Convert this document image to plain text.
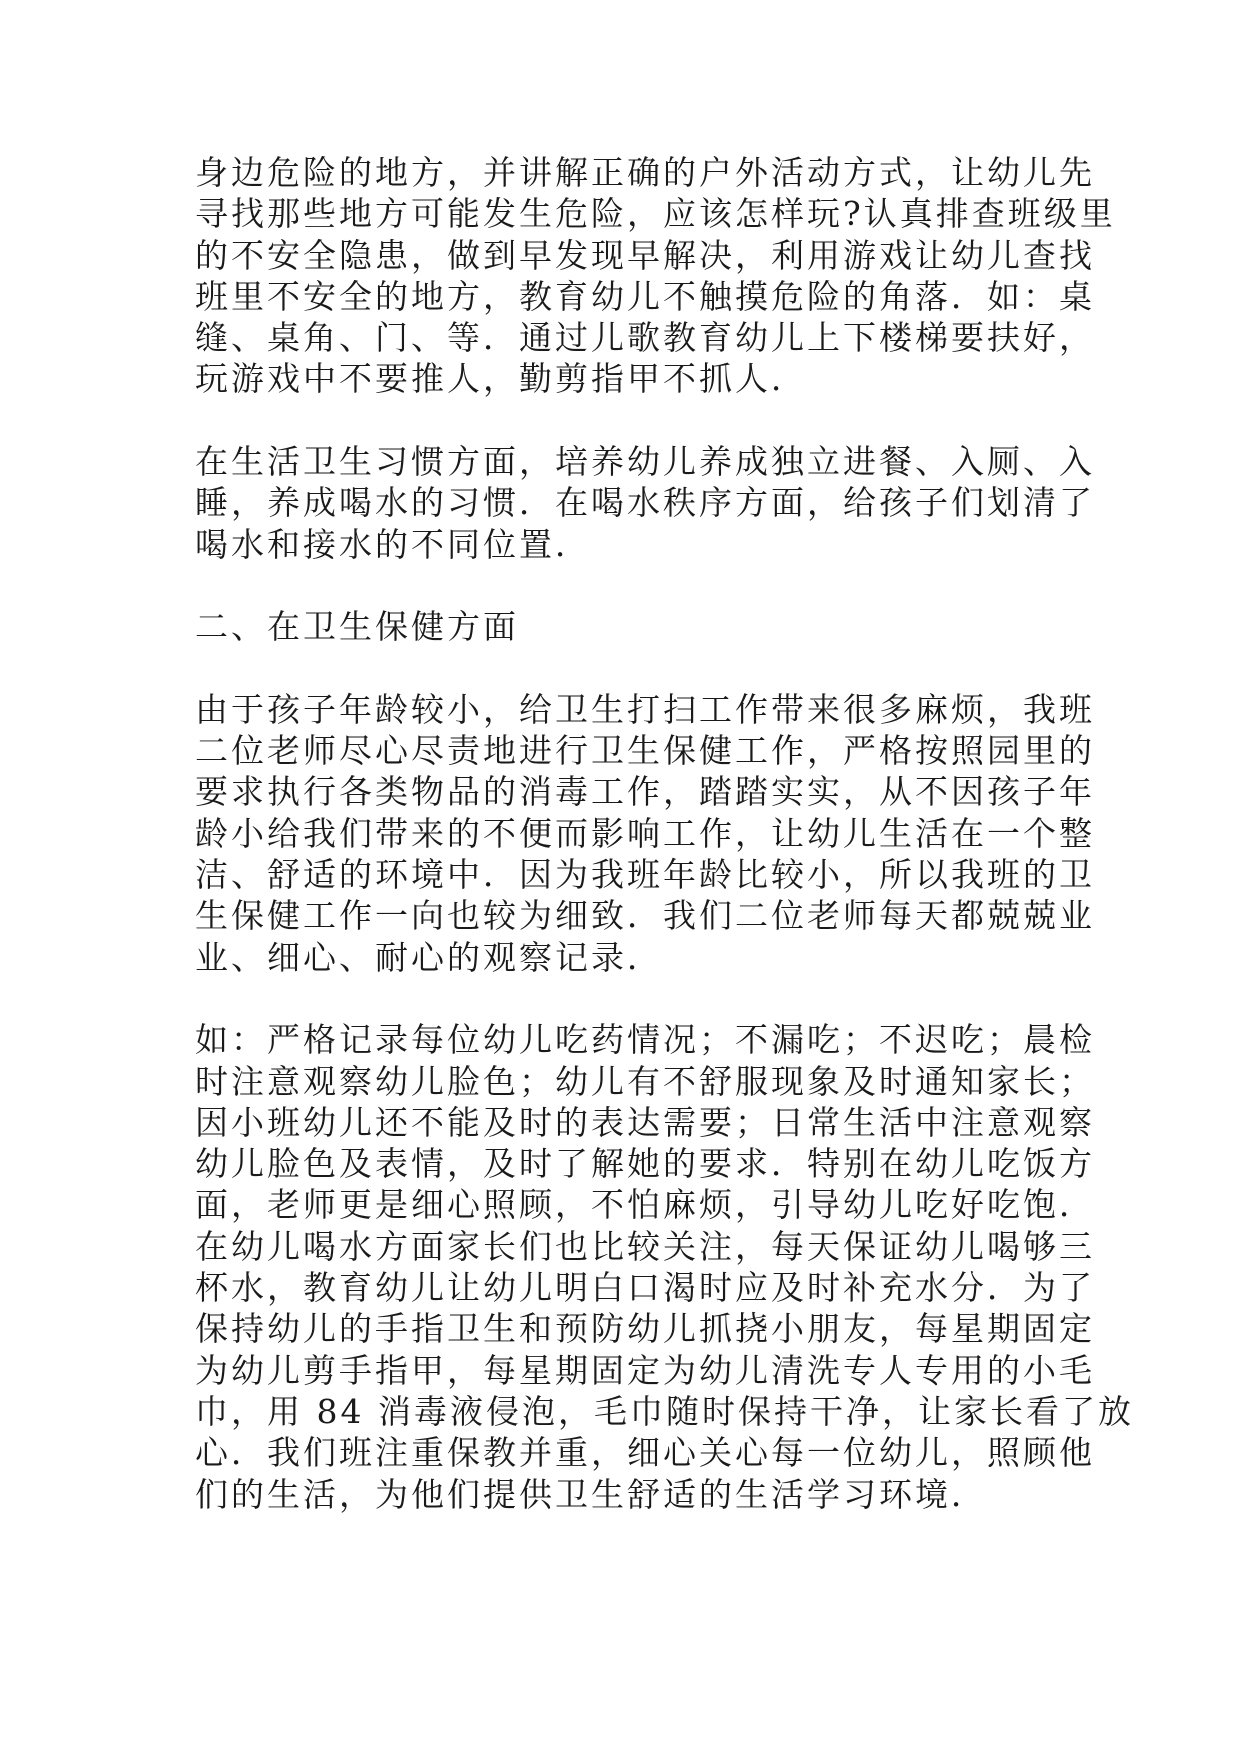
身边危险的地方，并讲解正确的户外活动方式，让幼儿先

寻找那些地方可能发生危险，应该怎样玩?认真排查班级里

的不安全隐患，做到早发现早解决，利用游戏让幼儿查找

班里不安全的地方，教育幼儿不触摸危险的角落．如：桌

缝、桌角、门、等．通过儿歌教育幼儿上下楼梯要扶好，

玩游戏中不要推人，勤剪指甲不抓人．

在生活卫生习惯方面，培养幼儿养成独立进餐、入厕、入

睡，养成喝水的习惯．在喝水秩序方面，给孩子们划清了

喝水和接水的不同位置．

二、在卫生保健方面

由于孩子年龄较小，给卫生打扫工作带来很多麻烦，我班

二位老师尽心尽责地进行卫生保健工作，严格按照园里的

要求执行各类物品的消毒工作，踏踏实实，从不因孩子年

龄小给我们带来的不便而影响工作，让幼儿生活在一个整

洁、舒适的环境中．因为我班年龄比较小，所以我班的卫

生保健工作一向也较为细致．我们二位老师每天都兢兢业

业、细心、耐心的观察记录．

如：严格记录每位幼儿吃药情况；不漏吃；不迟吃；晨检

时注意观察幼儿脸色；幼儿有不舒服现象及时通知家长；

因小班幼儿还不能及时的表达需要；日常生活中注意观察

幼儿脸色及表情，及时了解她的要求．特别在幼儿吃饭方

面，老师更是细心照顾，不怕麻烦，引导幼儿吃好吃饱．

在幼儿喝水方面家长们也比较关注，每天保证幼儿喝够三

杯水，教育幼儿让幼儿明白口渴时应及时补充水分．为了

保持幼儿的手指卫生和预防幼儿抓挠小朋友，每星期固定

为幼儿剪手指甲，每星期固定为幼儿清洗专人专用的小毛

巾，用 84 消毒液侵泡，毛巾随时保持干净，让家长看了放

心．我们班注重保教并重，细心关心每一位幼儿，照顾他

们的生活，为他们提供卫生舒适的生活学习环境．
